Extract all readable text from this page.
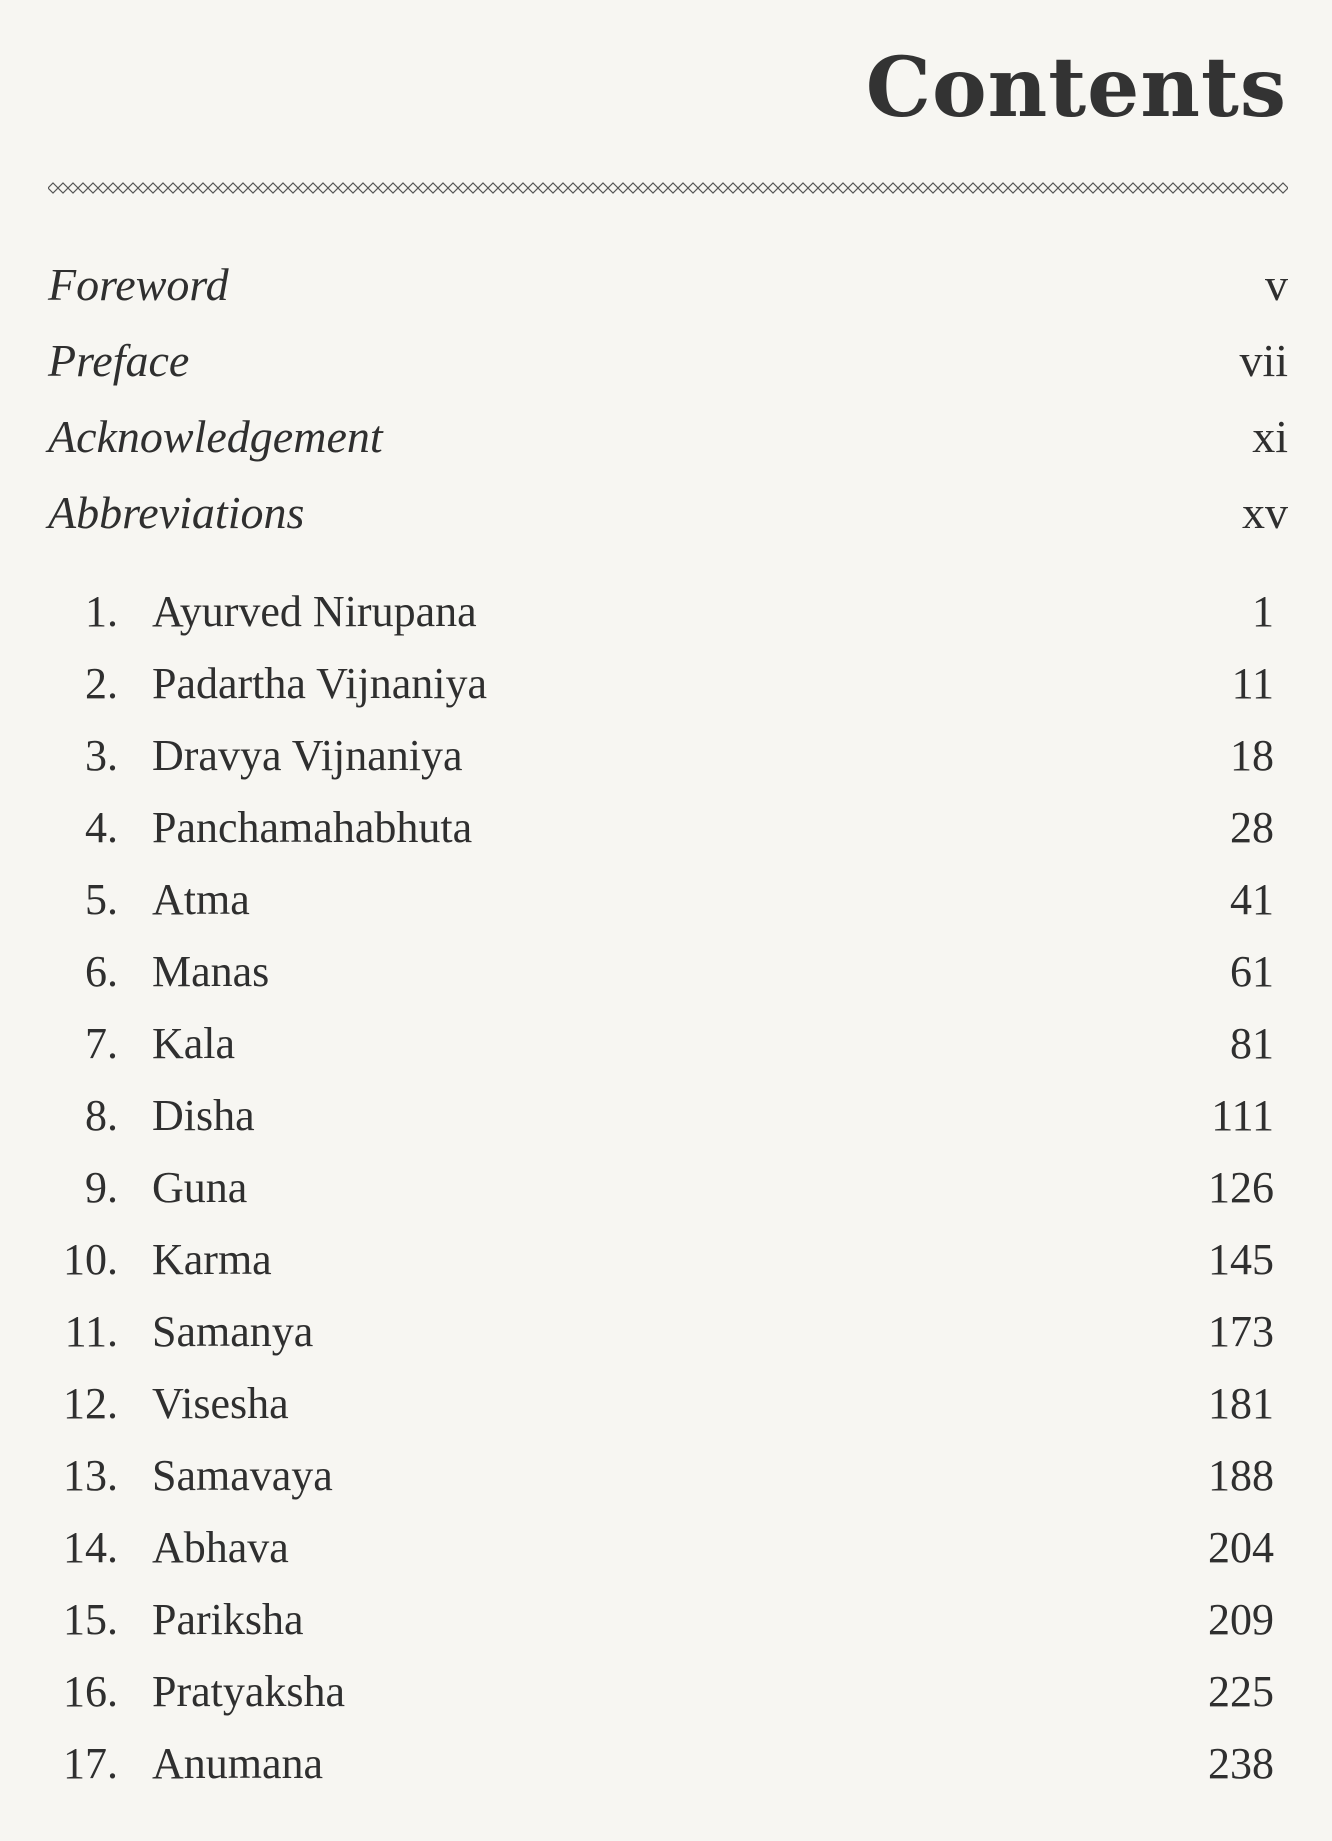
Contents
Foreword	v
Preface	vii
Acknowledgement	xi
Abbreviations	xv
1. Ayurved Nirupana	1
2. Padartha Vijnaniya	11
3. Dravya Vijnaniya	18
4. Panchamahabhuta	28
5. Atma	41
6. Manas	61
7. Kala	81
8. Disha	111
9. Guna	126
10. Karma	145
11. Samanya	173
12. Visesha	181
13. Samavaya	188
14. Abhava	204
15. Pariksha	209
16. Pratyaksha	225
17. Anumana	238
